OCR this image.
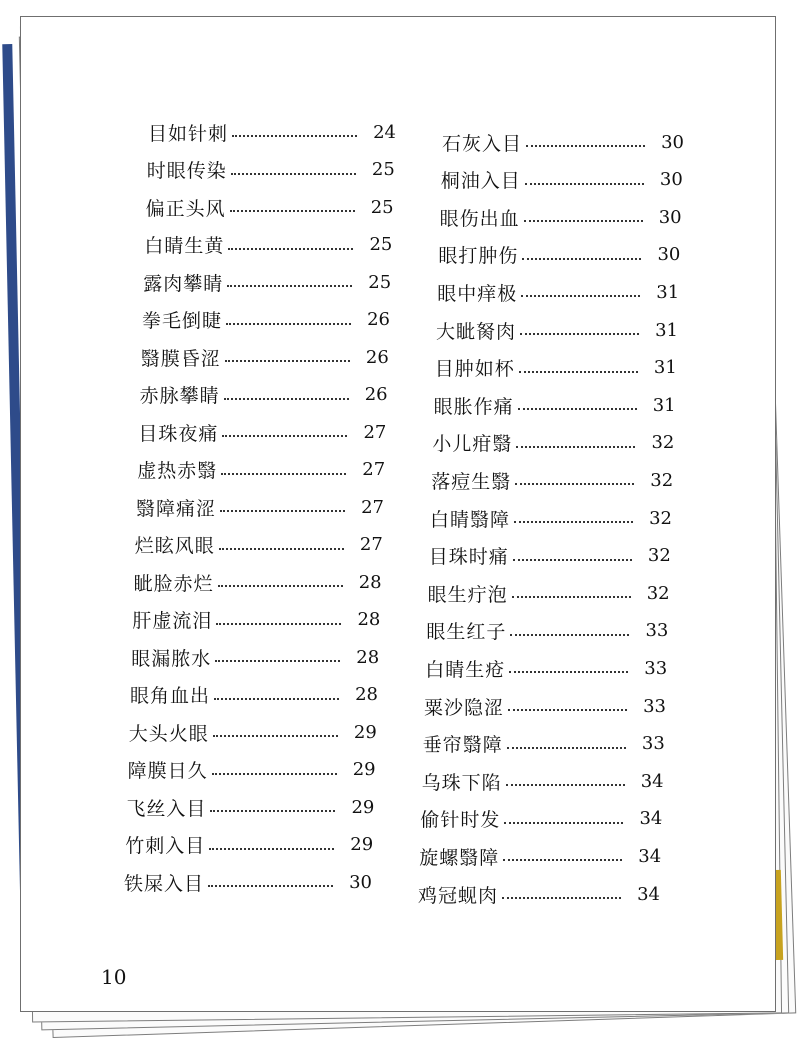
目如针刺	24
时眼传染	25
偏正头风	25
白睛生黄	25
露肉攀睛	25
拳毛倒睫	26
翳膜昏涩	26
赤脉攀睛	26
目珠夜痛	27
虚热赤翳	27
翳障痛涩	27
烂眩风眼	27
眦脸赤烂	28
肝虚流泪	28
眼漏脓水	28
眼角血出	28
大头火眼	29
障膜日久	29
飞丝入目	29
竹刺入目	29
铁屎入目	30
石灰入目	30
桐油入目	30
眼伤出血	30
眼打肿伤	30
眼中痒极	31
大眦胬肉	31
目肿如杯	31
眼胀作痛	31
小儿疳翳	32
落痘生翳	32
白睛翳障	32
目珠时痛	32
眼生疔泡	32
眼生红子	33
白睛生疮	33
粟沙隐涩	33
垂帘翳障	33
乌珠下陷	34
偷针时发	34
旋螺翳障	34
鸡冠蚬肉	34
10
